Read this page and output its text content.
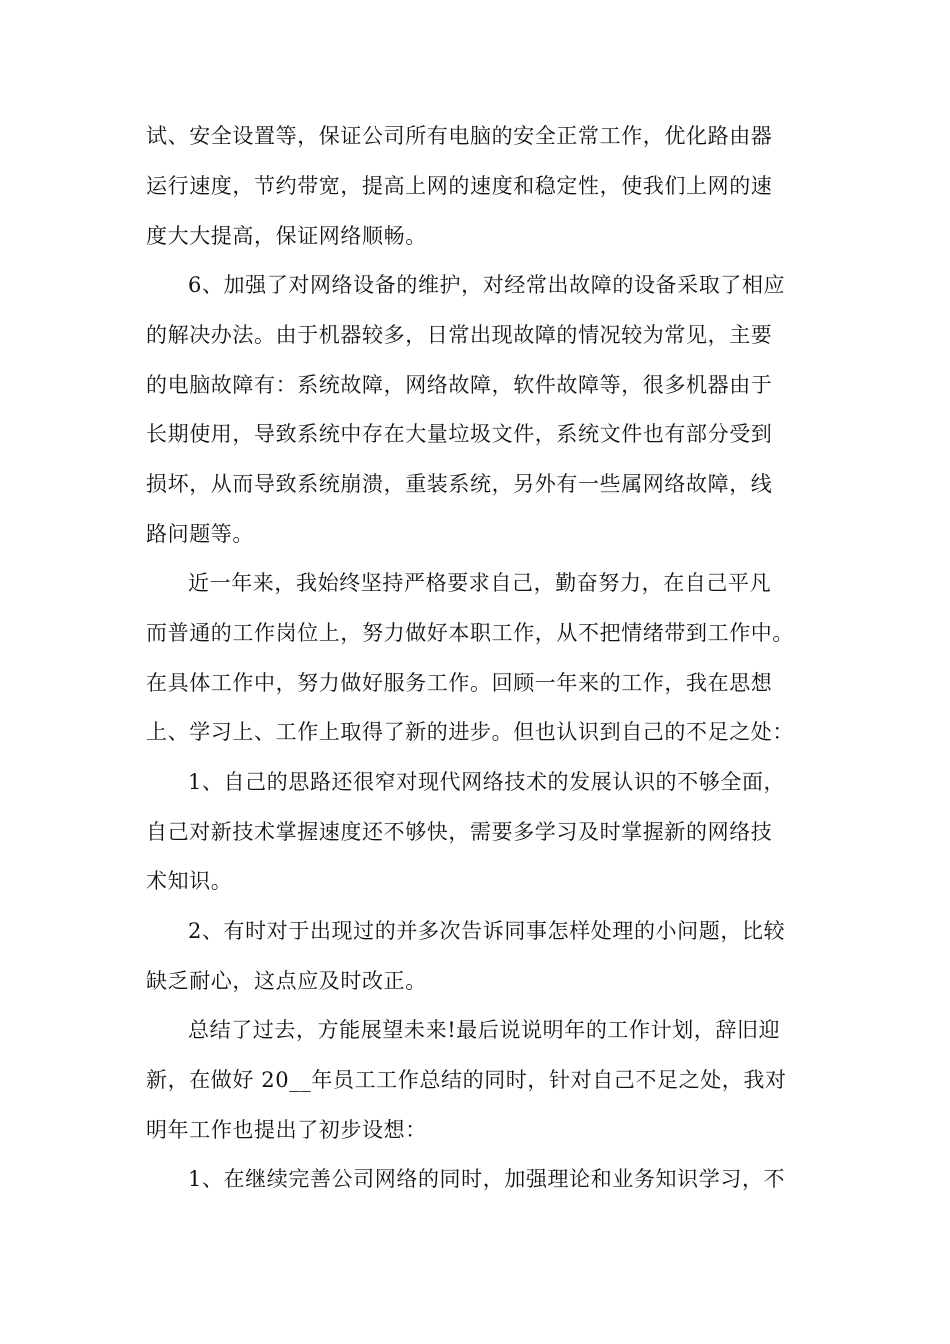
试、安全设置等，保证公司所有电脑的安全正常工作，优化路由器
运行速度，节约带宽，提高上网的速度和稳定性，使我们上网的速
度大大提高，保证网络顺畅。
6、加强了对网络设备的维护，对经常出故障的设备采取了相应
的解决办法。由于机器较多，日常出现故障的情况较为常见，主要
的电脑故障有：系统故障，网络故障，软件故障等，很多机器由于
长期使用，导致系统中存在大量垃圾文件，系统文件也有部分受到
损坏，从而导致系统崩溃，重装系统，另外有一些属网络故障，线
路问题等。
近一年来，我始终坚持严格要求自己，勤奋努力，在自己平凡
而普通的工作岗位上，努力做好本职工作，从不把情绪带到工作中。
在具体工作中，努力做好服务工作。回顾一年来的工作，我在思想
上、学习上、工作上取得了新的进步。但也认识到自己的不足之处：
1、自己的思路还很窄对现代网络技术的发展认识的不够全面，
自己对新技术掌握速度还不够快，需要多学习及时掌握新的网络技
术知识。
2、有时对于出现过的并多次告诉同事怎样处理的小问题，比较
缺乏耐心，这点应及时改正。
总结了过去，方能展望未来!最后说说明年的工作计划，辞旧迎
新，在做好 20__年员工工作总结的同时，针对自己不足之处，我对
明年工作也提出了初步设想：
1、在继续完善公司网络的同时，加强理论和业务知识学习，不
